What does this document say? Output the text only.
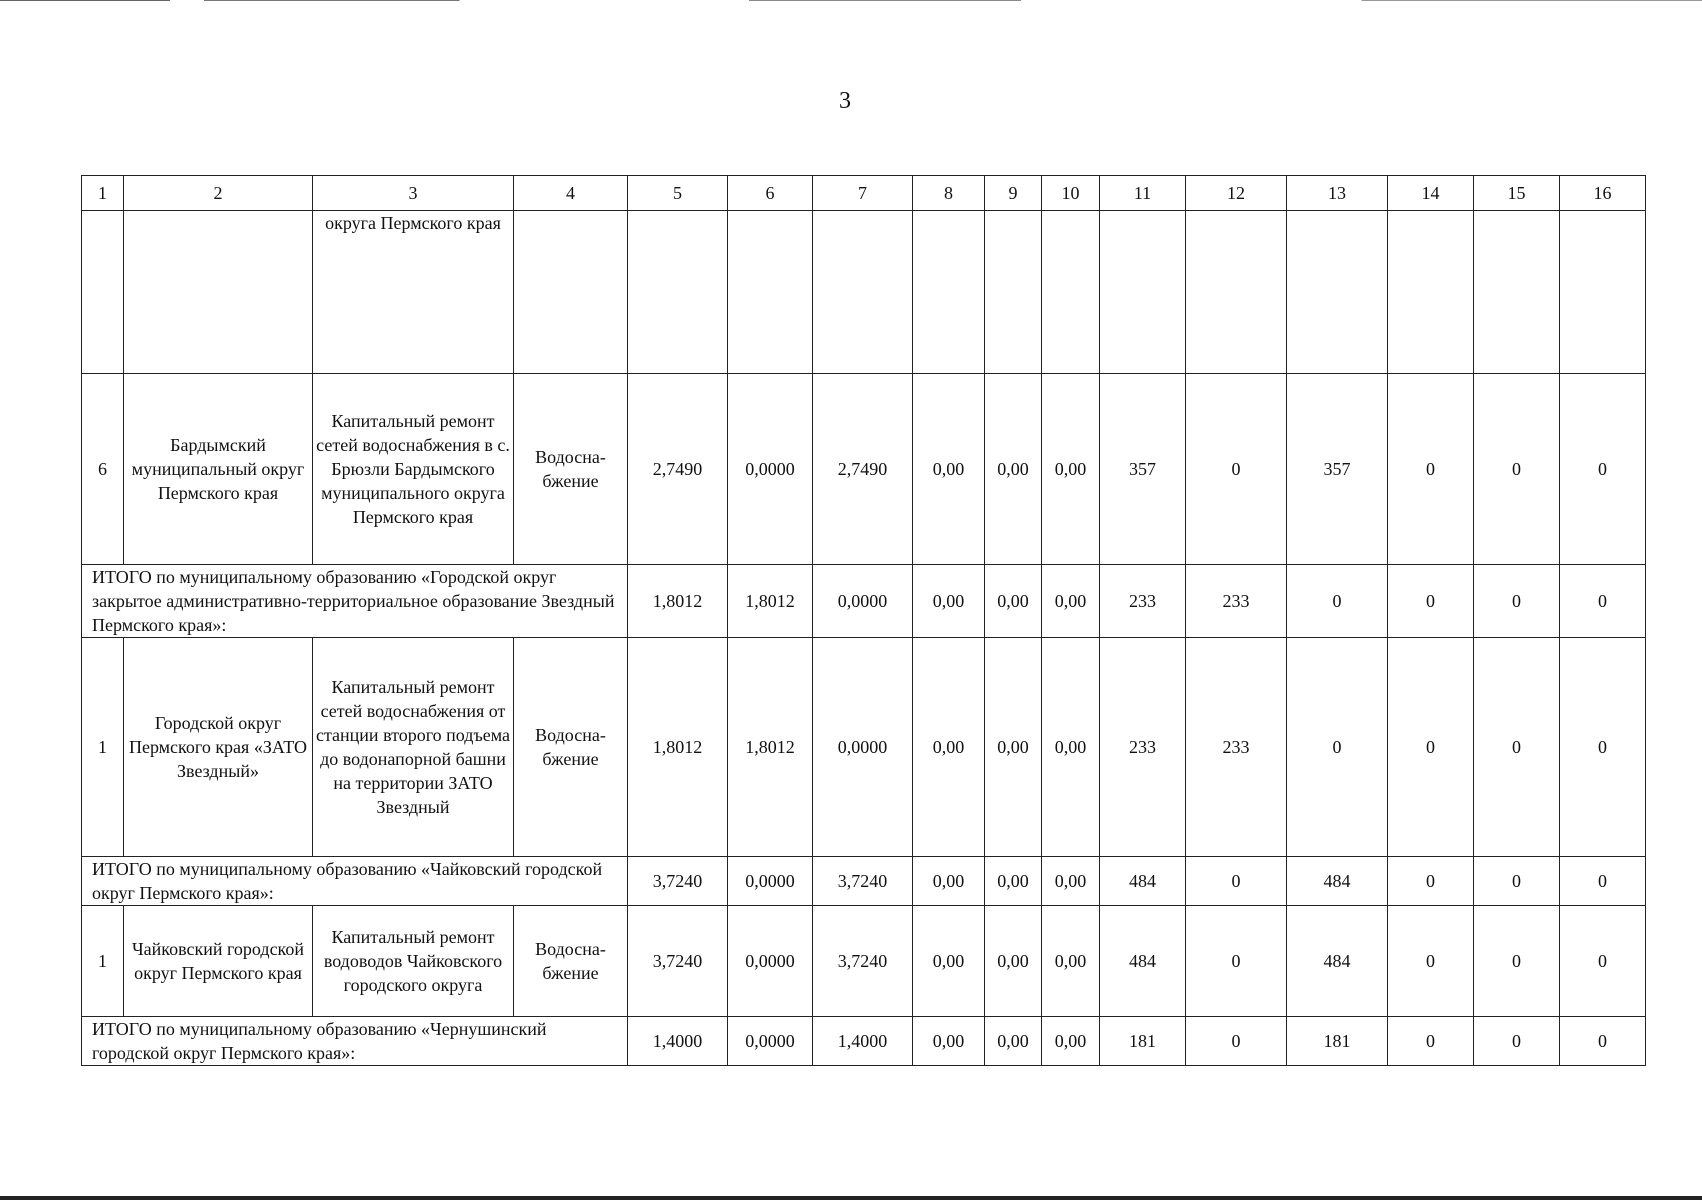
3
1	2	3	4	5	6	7	8	9	10	11	12	13	14	15	16
		округа Пермского края													
6	Бардымский муниципальный округ Пермского края	Капитальный ремонт сетей водоснабжения в с. Брюзли Бардымского муниципального округа Пермского края	Водосна- бжение	2,7490	0,0000	2,7490	0,00	0,00	0,00	357	0	357	0	0	0
ИТОГО по муниципальному образованию «Городской округ закрытое административно-территориальное образование Звездный Пермского края»:				1,8012	1,8012	0,0000	0,00	0,00	0,00	233	233	0	0	0	0
1	Городской округ Пермского края «ЗАТО Звездный»	Капитальный ремонт сетей водоснабжения от станции второго подъема до водонапорной башни на территории ЗАТО Звездный	Водосна- бжение	1,8012	1,8012	0,0000	0,00	0,00	0,00	233	233	0	0	0	0
ИТОГО по муниципальному образованию «Чайковский городской округ Пермского края»:				3,7240	0,0000	3,7240	0,00	0,00	0,00	484	0	484	0	0	0
1	Чайковский городской округ Пермского края	Капитальный ремонт водоводов Чайковского городского округа	Водосна- бжение	3,7240	0,0000	3,7240	0,00	0,00	0,00	484	0	484	0	0	0
ИТОГО по муниципальному образованию «Чернушинский городской округ Пермского края»:				1,4000	0,0000	1,4000	0,00	0,00	0,00	181	0	181	0	0	0
